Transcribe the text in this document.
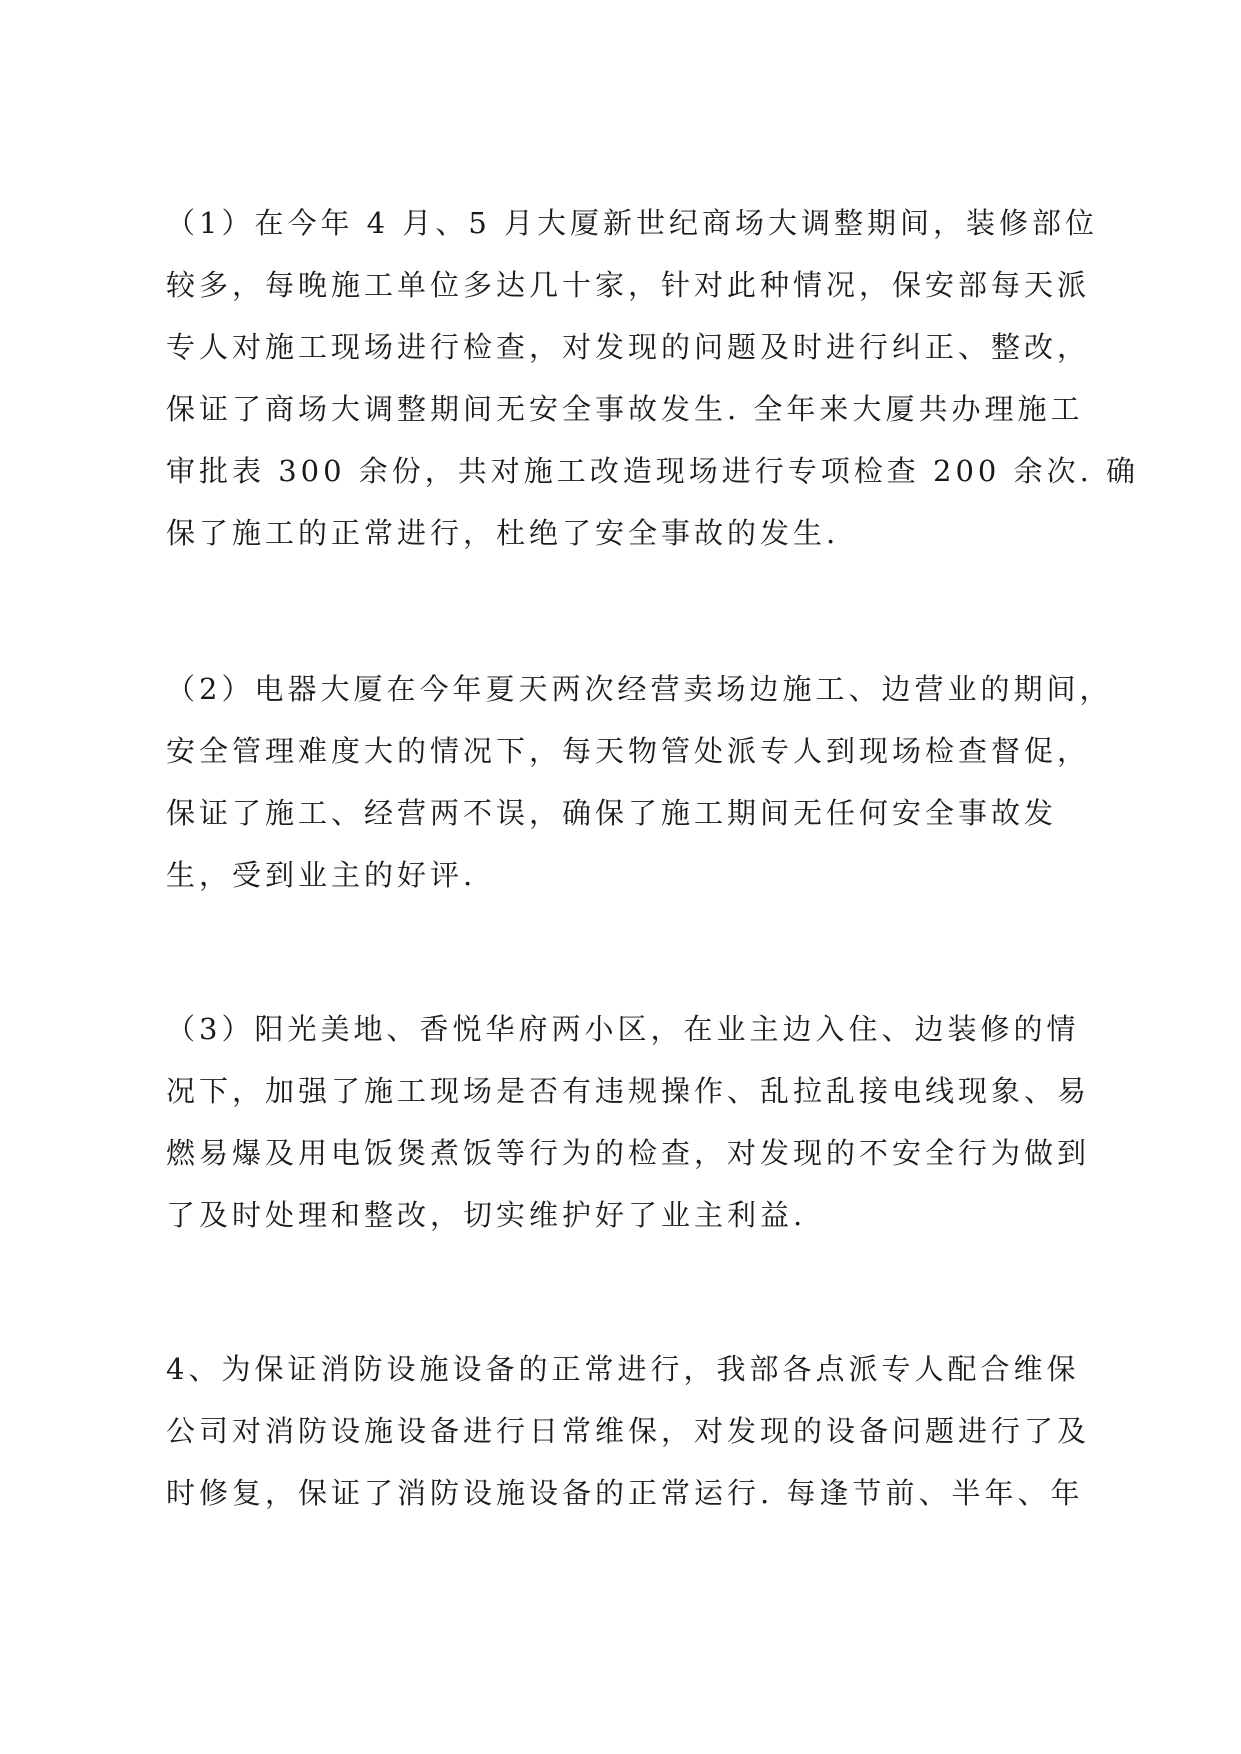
（1）在今年 4 月、5 月大厦新世纪商场大调整期间，装修部位
较多，每晚施工单位多达几十家，针对此种情况，保安部每天派
专人对施工现场进行检查，对发现的问题及时进行纠正、整改，
保证了商场大调整期间无安全事故发生. 全年来大厦共办理施工
审批表 300 余份，共对施工改造现场进行专项检查 200 余次. 确
保了施工的正常进行，杜绝了安全事故的发生.
（2）电器大厦在今年夏天两次经营卖场边施工、边营业的期间，
安全管理难度大的情况下，每天物管处派专人到现场检查督促，
保证了施工、经营两不误，确保了施工期间无任何安全事故发
生，受到业主的好评.
（3）阳光美地、香悦华府两小区，在业主边入住、边装修的情
况下，加强了施工现场是否有违规操作、乱拉乱接电线现象、易
燃易爆及用电饭煲煮饭等行为的检查，对发现的不安全行为做到
了及时处理和整改，切实维护好了业主利益.
4、为保证消防设施设备的正常进行，我部各点派专人配合维保
公司对消防设施设备进行日常维保，对发现的设备问题进行了及
时修复，保证了消防设施设备的正常运行. 每逢节前、半年、年
